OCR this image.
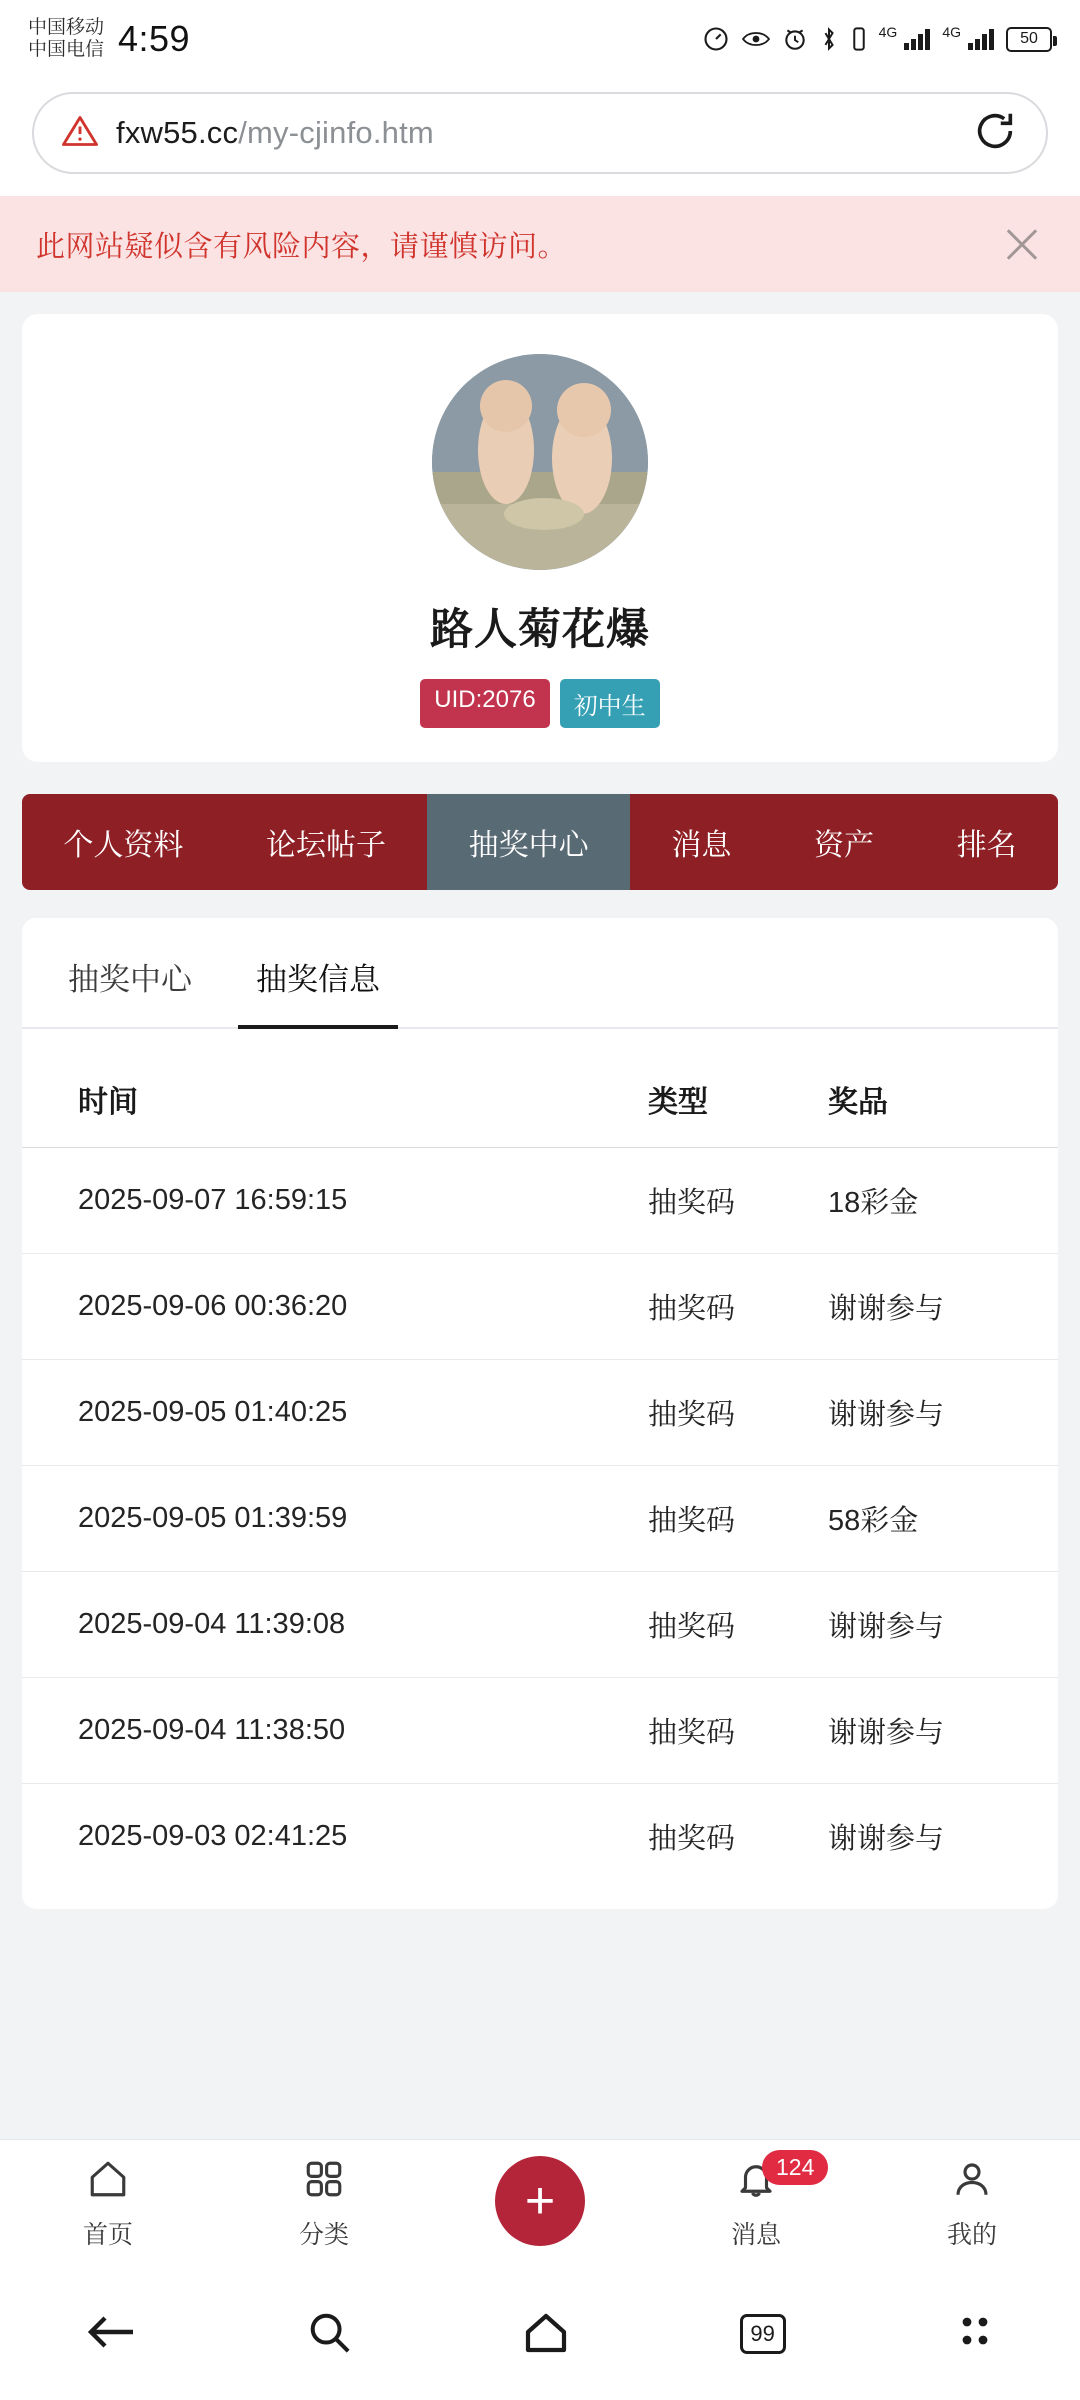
中国移动
中国电信 4:59	4G	4G	50
fxw55.cc/my-cjinfo.htm
此网站疑似含有风险内容，请谨慎访问。
路人菊花爆
UID:2076	初中生
个人资料	论坛帖子	抽奖中心	消息	资产	排名
抽奖中心	抽奖信息
时间	类型	奖品
2025-09-07 16:59:15	抽奖码	18彩金
2025-09-06 00:36:20	抽奖码	谢谢参与
2025-09-05 01:40:25	抽奖码	谢谢参与
2025-09-05 01:39:59	抽奖码	58彩金
2025-09-04 11:39:08	抽奖码	谢谢参与
2025-09-04 11:38:50	抽奖码	谢谢参与
2025-09-03 02:41:25	抽奖码	谢谢参与
首页	分类
+
124
消息	我的
99
